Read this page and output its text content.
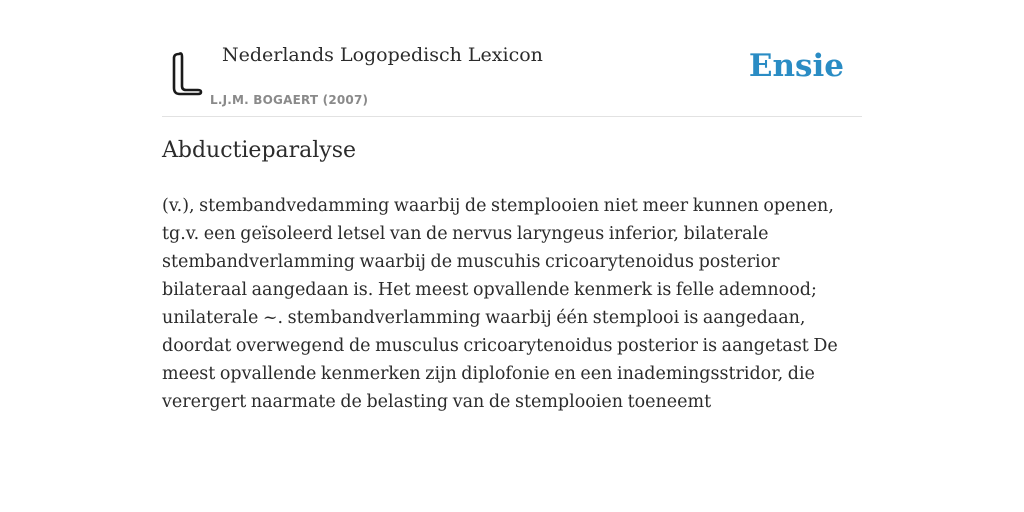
Nederlands Logopedisch Lexicon
L.J.M. BOGAERT (2007)
Ensie
Abductieparalyse

(v.), stembandvedamming waarbij de stemplooien niet meer kunnen openen, tg.v. een geïsoleerd letsel van de nervus laryngeus inferior, bilaterale stembandverlamming waarbij de muscuhis cricoarytenoidus posterior bilateraal aangedaan is. Het meest opvallende kenmerk is felle ademnood; unilaterale ~. stembandverlamming waarbij één stemplooi is aangedaan, doordat overwegend de musculus cricoarytenoidus posterior is aangetast De meest opvallende kenmerken zijn diplofonie en een inademingsstridor, die verergert naarmate de belasting van de stemplooien toeneemt
